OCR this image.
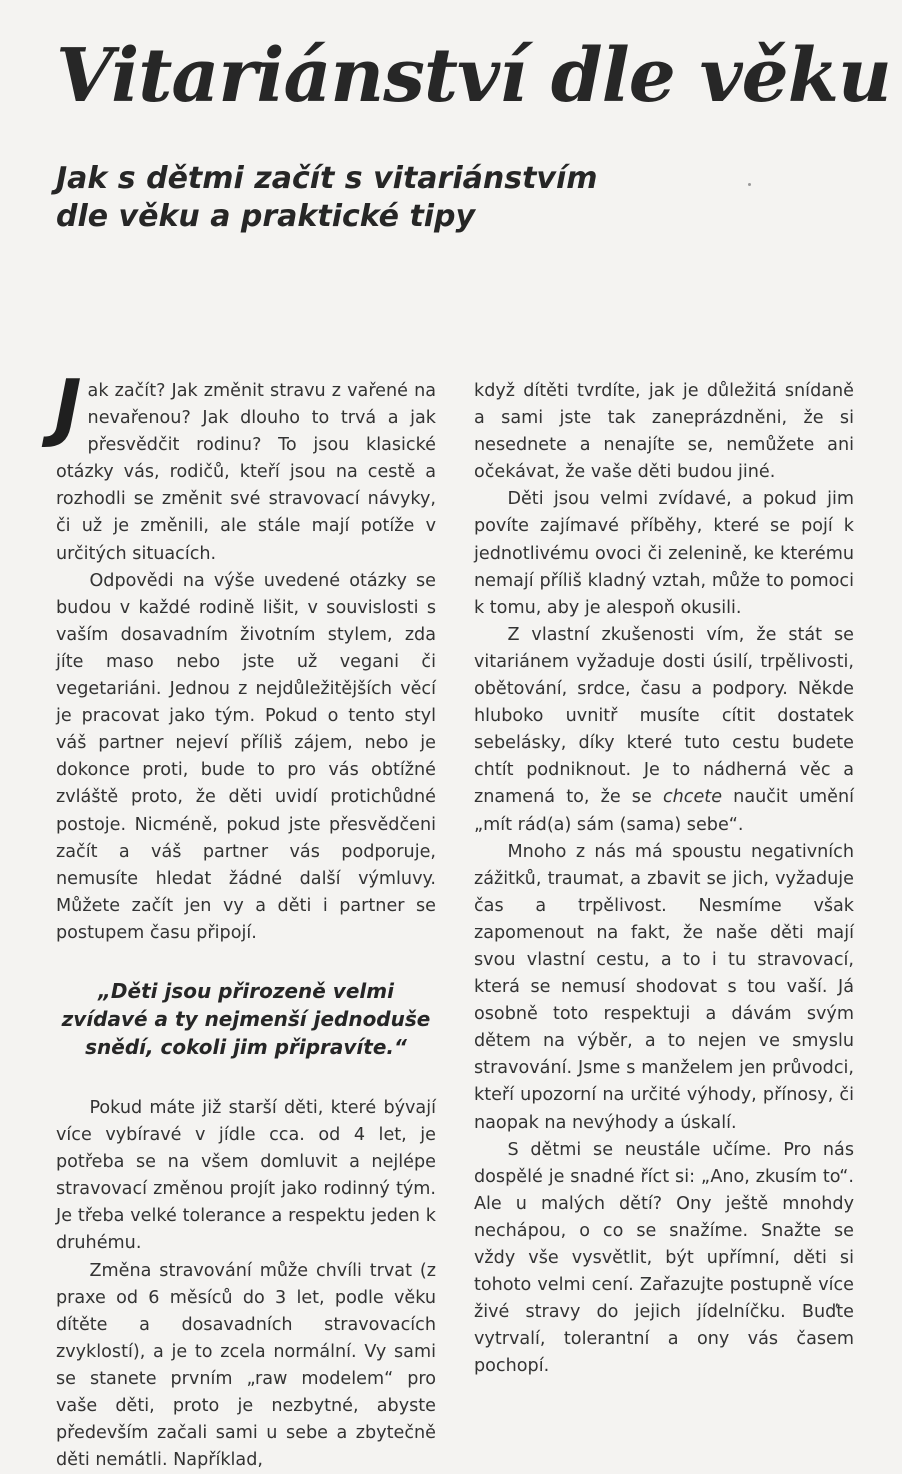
Vitariánství dle věku
Jak s dětmi začít s vitariánstvím
dle věku a praktické tipy

Jak začít? Jak změnit stravu z vařené na nevařenou? Jak dlouho to trvá a jak přesvědčit rodinu? To jsou klasické otázky vás, rodičů, kteří jsou na cestě a rozhodli se změnit své stravovací návyky, či už je změnili, ale stále mají potíže v určitých situacích.

Odpovědi na výše uvedené otázky se budou v každé rodině lišit, v souvislosti s vaším dosavadním životním stylem, zda jíte maso nebo jste už vegani či vegetariáni. Jednou z nejdůležitějších věcí je pracovat jako tým. Pokud o tento styl váš partner nejeví příliš zájem, nebo je dokonce proti, bude to pro vás obtížné zvláště proto, že děti uvidí protichůdné postoje. Nicméně, pokud jste přesvědčeni začít a váš partner vás podporuje, nemusíte hledat žádné další výmluvy. Můžete začít jen vy a děti i partner se postupem času připojí.

„Děti jsou přirozeně velmi zvídavé a ty nejmenší jednoduše snědí, cokoli jim připravíte.“

Pokud máte již starší děti, které bývají více vybíravé v jídle cca. od 4 let, je potřeba se na všem domluvit a nejlépe stravovací změnou projít jako rodinný tým. Je třeba velké tolerance a respektu jeden k druhému.

Změna stravování může chvíli trvat (z praxe od 6 měsíců do 3 let, podle věku dítěte a dosavadních stravovacích zvyklostí), a je to zcela normální. Vy sami se stanete prvním „raw modelem“ pro vaše děti, proto je nezbytné, abyste především začali sami u sebe a zbytečně děti nemátli. Například,

když dítěti tvrdíte, jak je důležitá snídaně a sami jste tak zaneprázdněni, že si nesednete a nenajíte se, nemůžete ani očekávat, že vaše děti budou jiné.

Děti jsou velmi zvídavé, a pokud jim povíte zajímavé příběhy, které se pojí k jednotlivému ovoci či zelenině, ke kterému nemají příliš kladný vztah, může to pomoci k tomu, aby je alespoň okusili.

Z vlastní zkušenosti vím, že stát se vitariánem vyžaduje dosti úsilí, trpělivosti, obětování, srdce, času a podpory. Někde hluboko uvnitř musíte cítit dostatek sebelásky, díky které tuto cestu budete chtít podniknout. Je to nádherná věc a znamená to, že se chcete naučit umění „mít rád(a) sám (sama) sebe“.

Mnoho z nás má spoustu negativních zážitků, traumat, a zbavit se jich, vyžaduje čas a trpělivost. Nesmíme však zapomenout na fakt, že naše děti mají svou vlastní cestu, a to i tu stravovací, která se nemusí shodovat s tou vaší. Já osobně toto respektuji a dávám svým dětem na výběr, a to nejen ve smyslu stravování. Jsme s manželem jen průvodci, kteří upozorní na určité výhody, přínosy, či naopak na nevýhody a úskalí.

S dětmi se neustále učíme. Pro nás dospělé je snadné říct si: „Ano, zkusím to“. Ale u malých dětí? Ony ještě mnohdy nechápou, o co se snažíme. Snažte se vždy vše vysvětlit, být upřímní, děti si tohoto velmi cení. Zařazujte postupně více živé stravy do jejich jídelníčku. Buďte vytrvalí, tolerantní a ony vás časem pochopí.
